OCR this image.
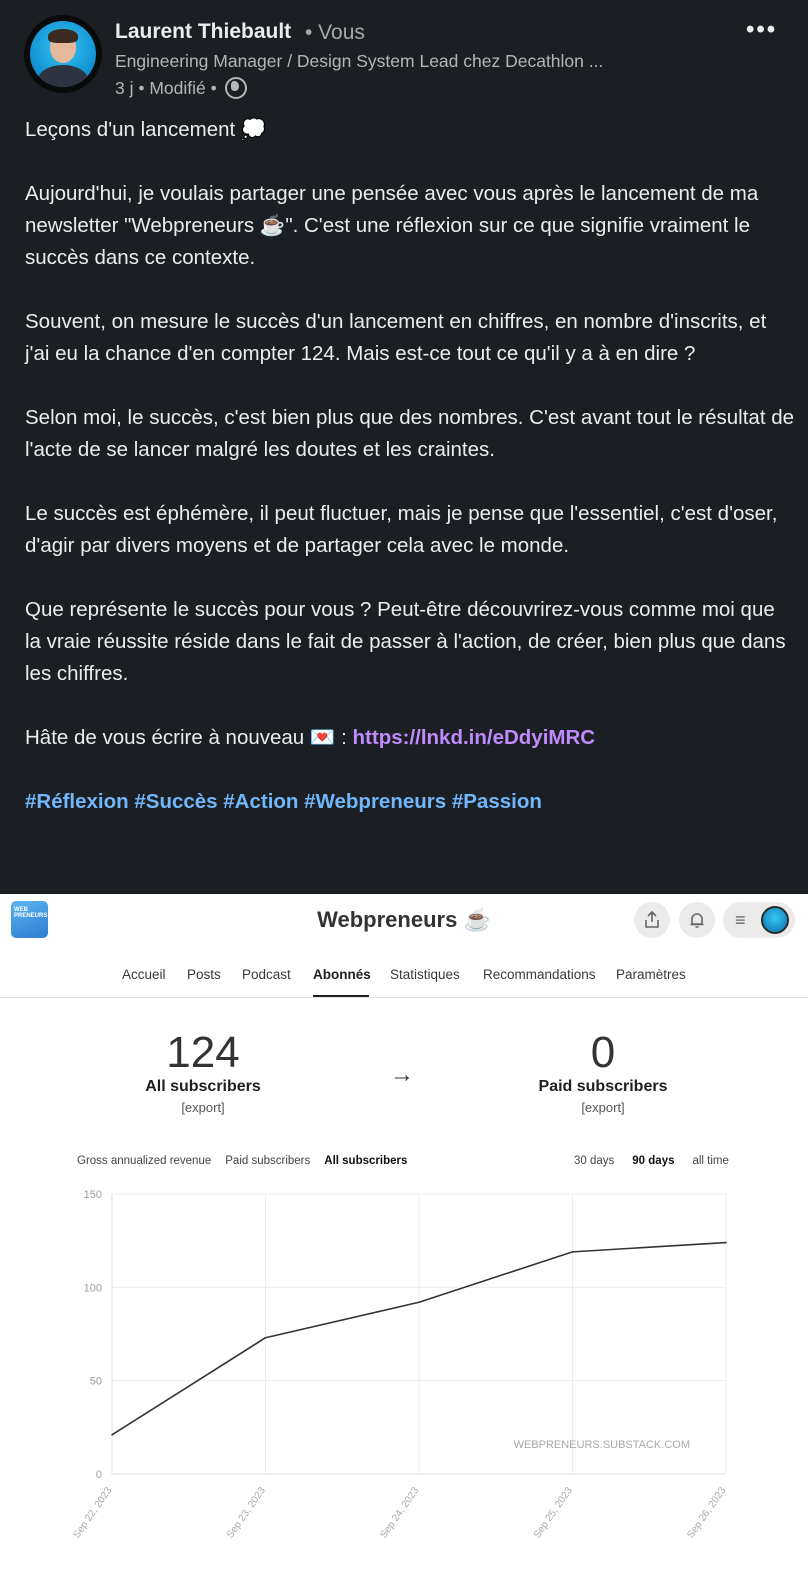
Laurent Thiebault • Vous
Engineering Manager / Design System Lead chez Decathlon ...
3 j • Modifié •
•••

Leçons d'un lancement 💭

Aujourd'hui, je voulais partager une pensée avec vous après le lancement de ma newsletter "Webpreneurs ☕". C'est une réflexion sur ce que signifie vraiment le succès dans ce contexte.

Souvent, on mesure le succès d'un lancement en chiffres, en nombre d'inscrits, et j'ai eu la chance d'en compter 124. Mais est-ce tout ce qu'il y a à en dire ?

Selon moi, le succès, c'est bien plus que des nombres. C'est avant tout le résultat de l'acte de se lancer malgré les doutes et les craintes.

Le succès est éphémère, il peut fluctuer, mais je pense que l'essentiel, c'est d'oser, d'agir par divers moyens et de partager cela avec le monde.

Que représente le succès pour vous ? Peut-être découvrirez-vous comme moi que la vraie réussite réside dans le fait de passer à l'action, de créer, bien plus que dans les chiffres.

Hâte de vous écrire à nouveau 💌 : https://lnkd.in/eDdyiMRC

#Réflexion #Succès #Action #Webpreneurs #Passion

WEB PRENEURS	Webpreneurs ☕	≡
Accueil Posts Podcast Abonnés Statistiques Recommandations Paramètres
124
All subscribers
[export]
→	0
Paid subscribers
[export]
Gross annualized revenue Paid subscribers All subscribers	30 days 90 days all time
0
50
100
150
Sep 22, 2023	Sep 23, 2023	Sep 24, 2023	Sep 25, 2023	Sep 26, 2023
WEBPRENEURS.SUBSTACK.COM
